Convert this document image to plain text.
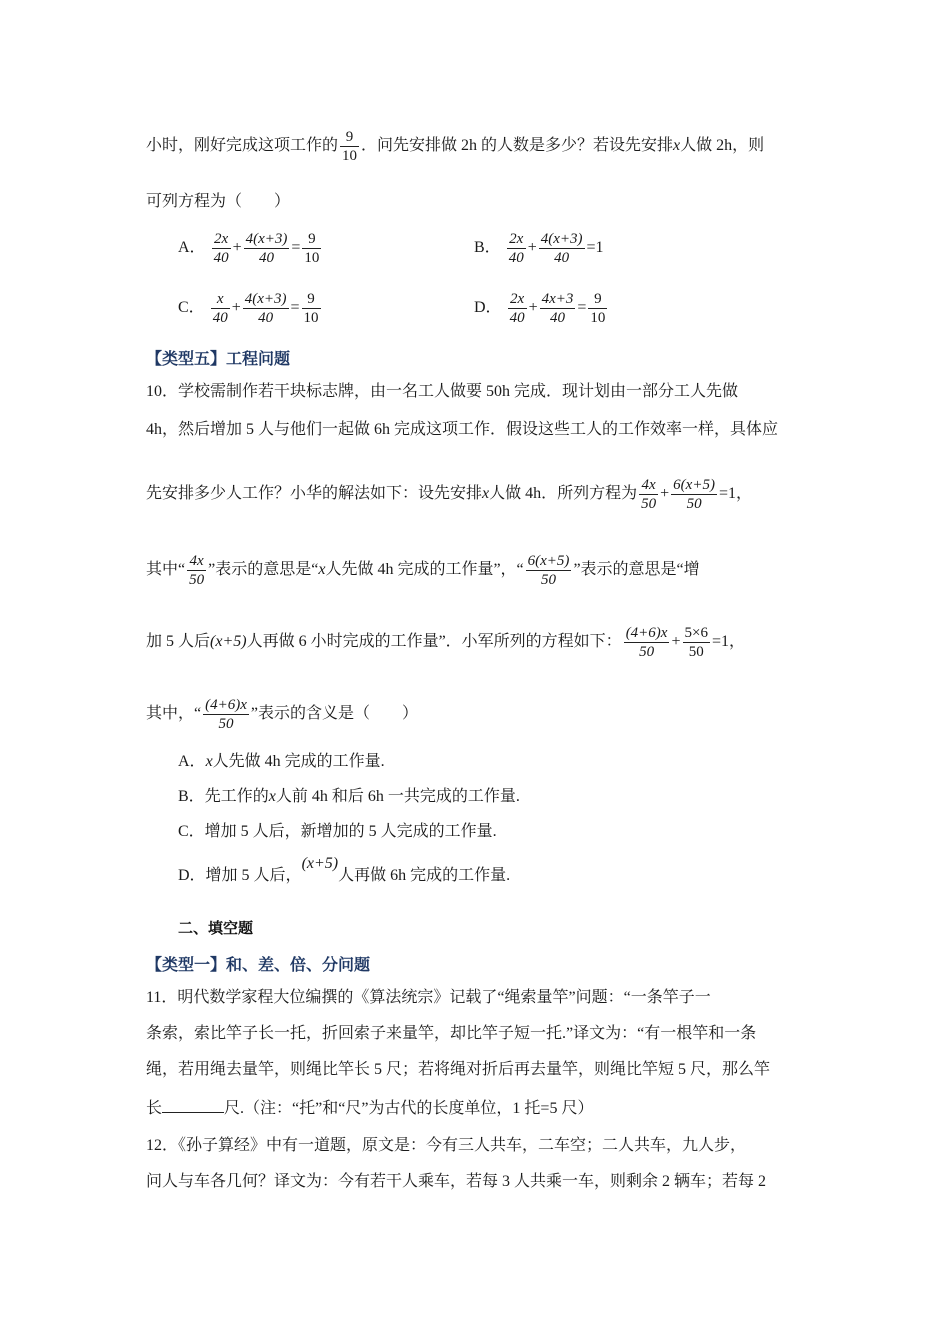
小时，刚好完成这项工作的 $\frac{9}{10}$ ．问先安排做 2h 的人数是多少？若设先安排x人做 2h，则
可列方程为（　　）
A． $\frac{2x}{40} + \frac{4(x+3)}{40} = \frac{9}{10}$	B． $\frac{2x}{40} + \frac{4(x+3)}{40} =1$
C． $\frac{x}{40} + \frac{4(x+3)}{40} = \frac{9}{10}$	D． $\frac{2x}{40} + \frac{4x+3}{40} = \frac{9}{10}$
【类型五】工程问题
10．学校需制作若干块标志牌，由一名工人做要 50h 完成．现计划由一部分工人先做
4h，然后增加 5 人与他们一起做 6h 完成这项工作．假设这些工人的工作效率一样，具体应
先安排多少人工作？小华的解法如下：设先安排x人做 4h．所列方程为 $\frac{4x}{50} + \frac{6(x+5)}{50} =1$，
其中“ $\frac{4x}{50}$ ”表示的意思是“x人先做 4h 完成的工作量”，“ $\frac{6(x+5)}{50}$ ”表示的意思是“增
加 5 人后(x+5)人再做 6 小时完成的工作量”．小军所列的方程如下： $\frac{(4+6)x}{50} + \frac{5\times 6}{50} =1$，
其中，“ $\frac{(4+6)x}{50}$ ”表示的含义是（　　）
A．x人先做 4h 完成的工作量.
B．先工作的x人前 4h 和后 6h 一共完成的工作量.
C．增加 5 人后，新增加的 5 人完成的工作量.
D．增加 5 人后，(x+5)人再做 6h 完成的工作量.
二、填空题
【类型一】和、差、倍、分问题
11．明代数学家程大位编撰的《算法统宗》记载了“绳索量竿”问题：“一条竿子一
条索，索比竿子长一托，折回索子来量竿，却比竿子短一托.”译文为：“有一根竿和一条
绳，若用绳去量竿，则绳比竿长 5 尺；若将绳对折后再去量竿，则绳比竿短 5 尺，那么竿
长	尺.（注：“托”和“尺”为古代的长度单位，1 托=5 尺）
12．《孙子算经》中有一道题，原文是：今有三人共车，二车空；二人共车，九人步，
问人与车各几何？译文为：今有若干人乘车，若每 3 人共乘一车，则剩余 2 辆车；若每 2
